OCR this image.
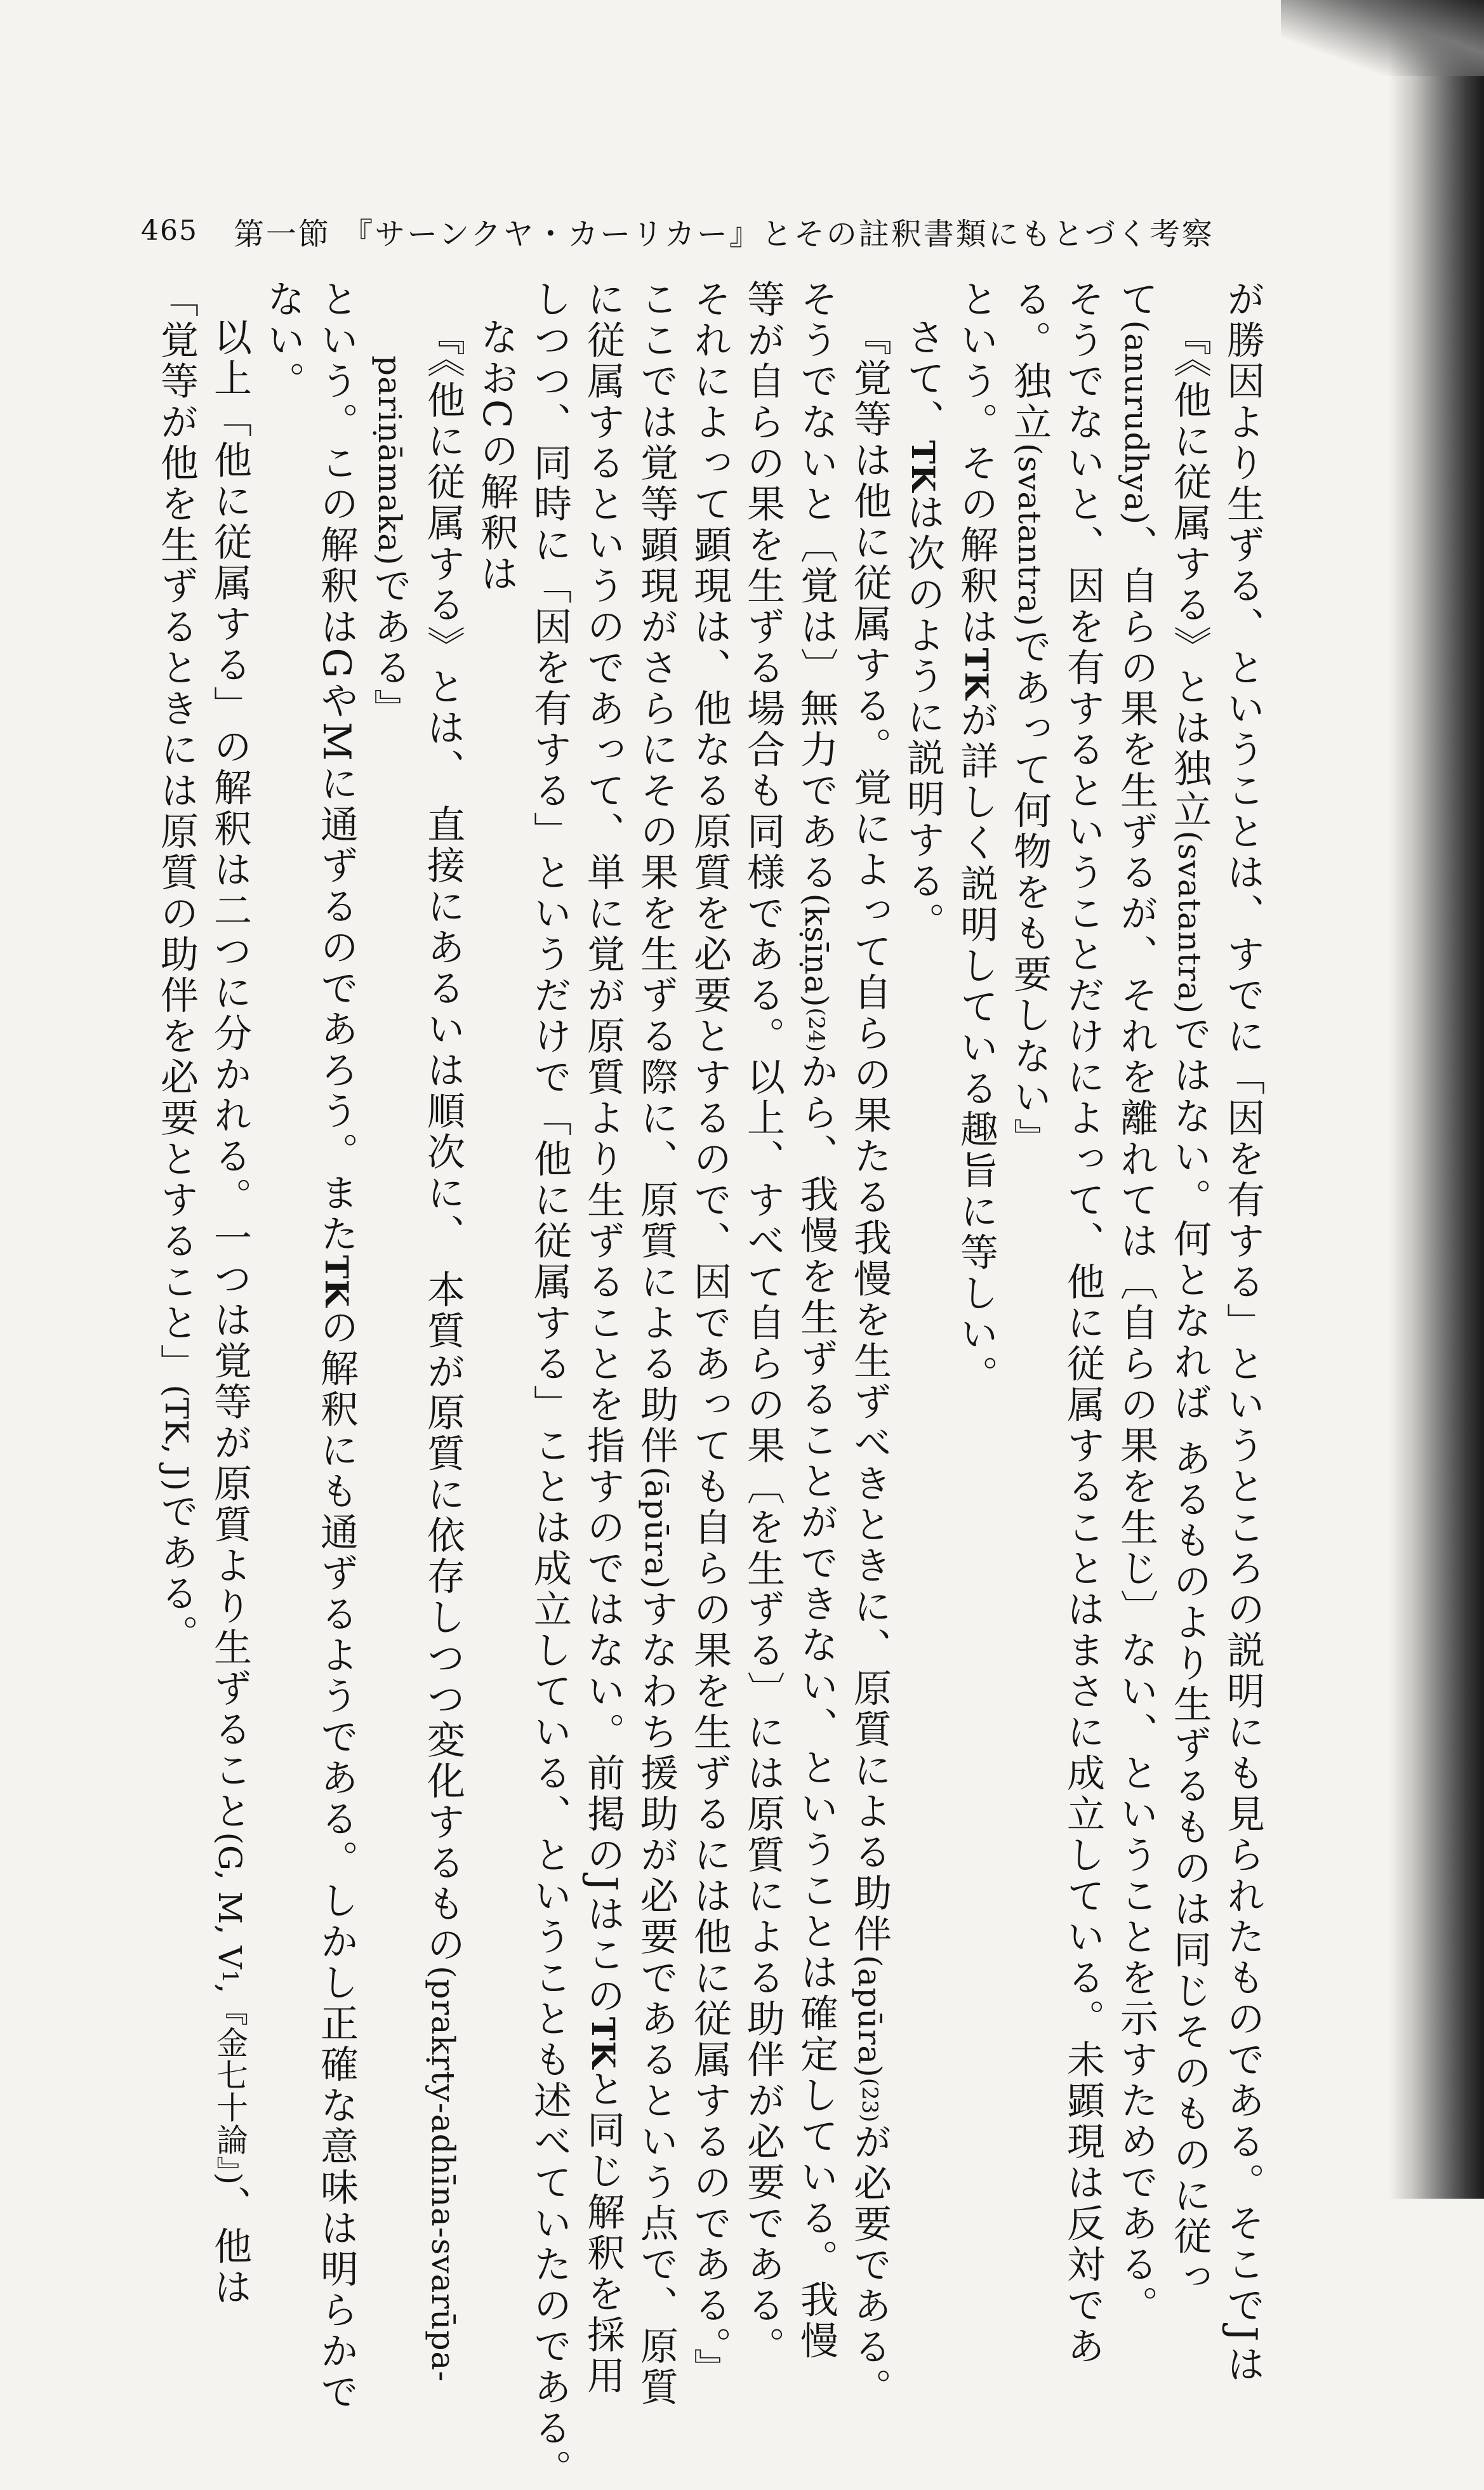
465 第一節 『サーンクヤ・カーリカー』とその註釈書類にもとづく考察

が勝因より生ずる、ということは、すでに「因を有する」というところの説明にも見られたものである。そこでJは

『《他に従属する》とは独立(svatantra)ではない。何となれば あるものより生ずるものは同じそのものに従っ

て(anurudhya)、自らの果を生ずるが、それを離れては〔自らの果を生じ〕ない、ということを示すためである。

そうでないと、因を有するということだけによって、他に従属することはまさに成立している。未顕現は反対であ

る。独立(svatantra)であって何物をも要しない』

という。その解釈はTKが詳しく説明している趣旨に等しい。

さて、TKは次のように説明する。

『覚等は他に従属する。覚によって自らの果たる我慢を生ずべきときに、原質による助伴(apūra)(23)が必要である。

そうでないと〔覚は〕無力である(kṣīṇa)(24)から、我慢を生ずることができない、ということは確定している。我慢

等が自らの果を生ずる場合も同様である。以上、すべて自らの果〔を生ずる〕には原質による助伴が必要である。

それによって顕現は、他なる原質を必要とするので、因であっても自らの果を生ずるには他に従属するのである。』

ここでは覚等顕現がさらにその果を生ずる際に、原質による助伴(āpūra)すなわち援助が必要であるという点で、原質

に従属するというのであって、単に覚が原質より生ずることを指すのではない。前掲のJはこのTKと同じ解釈を採用

しつつ、同時に「因を有する」というだけで「他に従属する」ことは成立している、ということも述べていたのである。

なおCの解釈は

『《他に従属する》とは、 直接にあるいは順次に、 本質が原質に依存しつつ変化するもの(prakṛty-adhīna-svarūpa-

pariṇāmaka)である』

という。この解釈はGやMに通ずるのであろう。またTKの解釈にも通ずるようである。しかし正確な意味は明らかで

ない。

以上「他に従属する」の解釈は二つに分かれる。一つは覚等が原質より生ずること(G, M, V1,『金七十論』)、他は

「覚等が他を生ずるときには原質の助伴を必要とすること」(TK, J)である。
